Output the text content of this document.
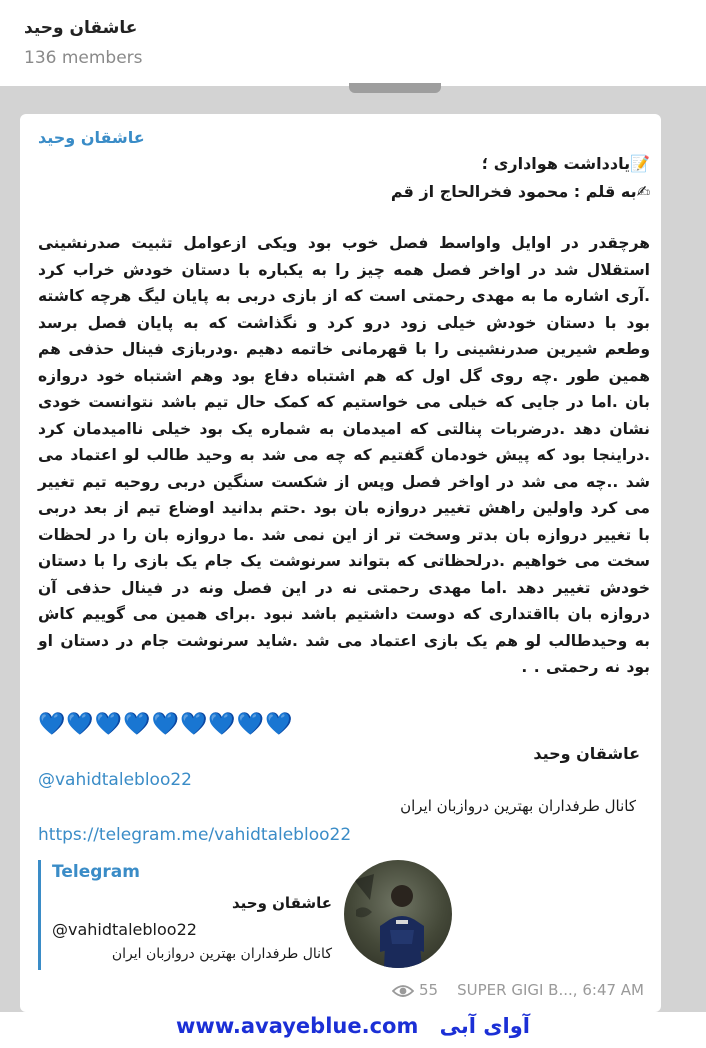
عاشقان وحید
136 members
عاشقان وحید
📝یادداشت هواداری ؛
✍به قلم : محمود فخرالحاج از قم

هرچقدر در اوایل واواسط فصل خوب بود ویکی ازعوامل تثبیت صدرنشینی استقلال شد در اواخر فصل همه چیز را به یکباره با دستان خودش خراب کرد .آری اشاره ما به مهدی رحمتی است که از بازی دربی به پایان لیگ هرچه کاشته بود با دستان خودش خیلی زود درو کرد و نگذاشت که به پایان فصل برسد وطعم شیرین صدرنشینی را با قهرمانی خاتمه دهیم .ودربازی فینال حذفی هم همین طور .چه روی گل اول که هم اشتباه دفاع بود وهم اشتباه خود دروازه بان .اما در جایی که خیلی می خواستیم که کمک حال تیم باشد نتوانست خودی نشان دهد .درضربات پنالتی که امیدمان به شماره یک بود خیلی ناامیدمان کرد .دراینجا بود که پیش خودمان گفتیم که چه می شد به وحید طالب لو اعتماد می شد ..چه می شد در اواخر فصل وپس از شکست سنگین دربی روحیه تیم تغییر می کرد واولین راهش تغییر دروازه بان بود .حتم بدانید اوضاع تیم از بعد دربی با تغییر دروازه بان بدتر وسخت تر از این نمی شد .ما دروازه بان را در لحظات سخت می خواهیم .درلحظاتی که بتواند سرنوشت یک جام یک بازی را با دستان خودش تغییر دهد .اما مهدی رحمتی نه در این فصل ونه در فینال حذفی آن دروازه بان بااقتداری که دوست داشتیم باشد نبود .برای همین می گوییم کاش به وحیدطالب لو هم یک بازی اعتماد می شد .شاید سرنوشت جام در دستان او بود نه رحمتی . .

💙💙💙💙💙💙💙💙💙
عاشقان وحید
@vahidtalebloo22
کانال طرفداران بهترین دروازبان ایران
https://telegram.me/vahidtalebloo22
Telegram
عاشقان وحید
@vahidtalebloo22
کانال طرفداران بهترین دروازبان ایران
55 SUPER GIGI B..., 6:47 AM
www.avayeblue.com آوای آبی
